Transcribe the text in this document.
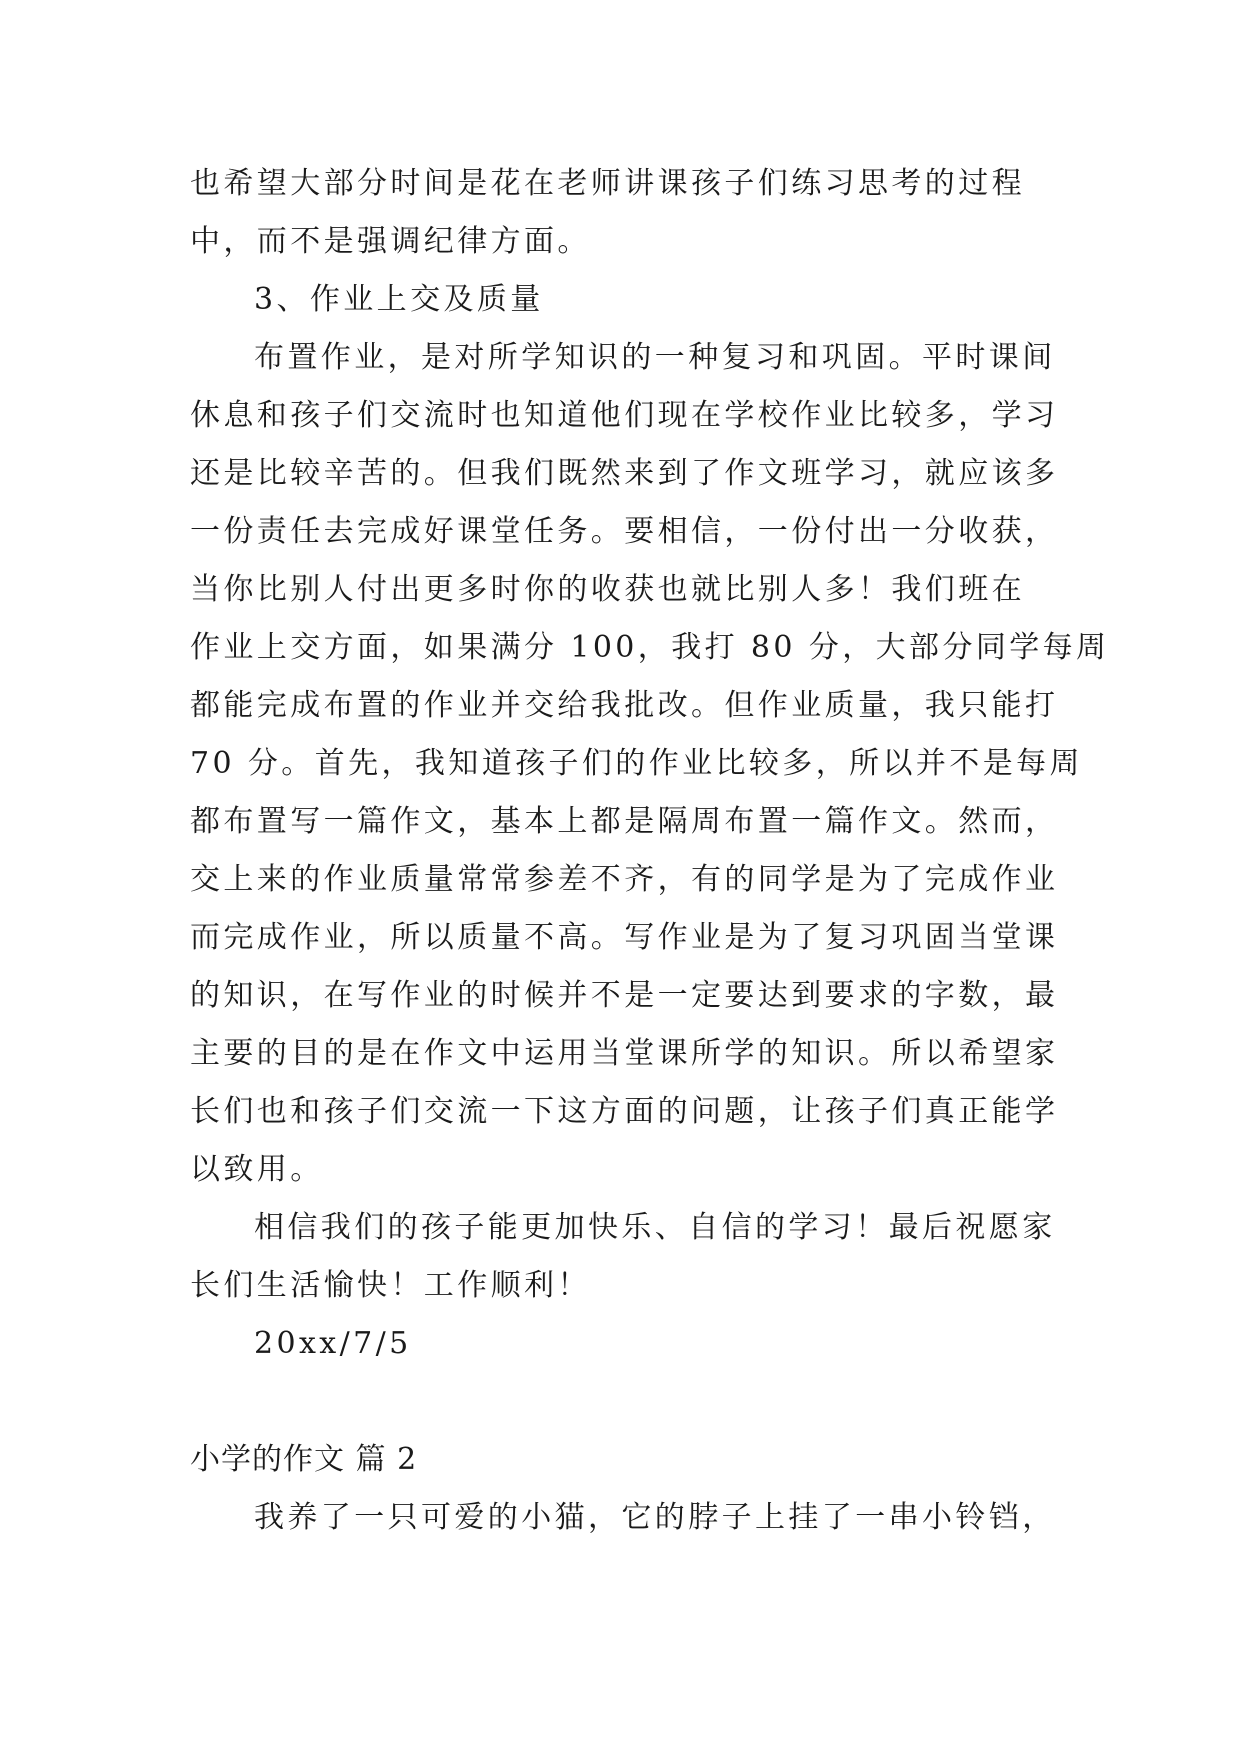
也希望大部分时间是花在老师讲课孩子们练习思考的过程
中，而不是强调纪律方面。
3、作业上交及质量
布置作业，是对所学知识的一种复习和巩固。平时课间
休息和孩子们交流时也知道他们现在学校作业比较多，学习
还是比较辛苦的。但我们既然来到了作文班学习，就应该多
一份责任去完成好课堂任务。要相信，一份付出一分收获，
当你比别人付出更多时你的收获也就比别人多！我们班在
作业上交方面，如果满分 100，我打 80 分，大部分同学每周
都能完成布置的作业并交给我批改。但作业质量，我只能打
70 分。首先，我知道孩子们的作业比较多，所以并不是每周
都布置写一篇作文，基本上都是隔周布置一篇作文。然而，
交上来的作业质量常常参差不齐，有的同学是为了完成作业
而完成作业，所以质量不高。写作业是为了复习巩固当堂课
的知识，在写作业的时候并不是一定要达到要求的字数，最
主要的目的是在作文中运用当堂课所学的知识。所以希望家
长们也和孩子们交流一下这方面的问题，让孩子们真正能学
以致用。
相信我们的孩子能更加快乐、自信的学习！最后祝愿家
长们生活愉快！工作顺利！
20xx/7/5
小学的作文 篇 2
我养了一只可爱的小猫，它的脖子上挂了一串小铃铛，
